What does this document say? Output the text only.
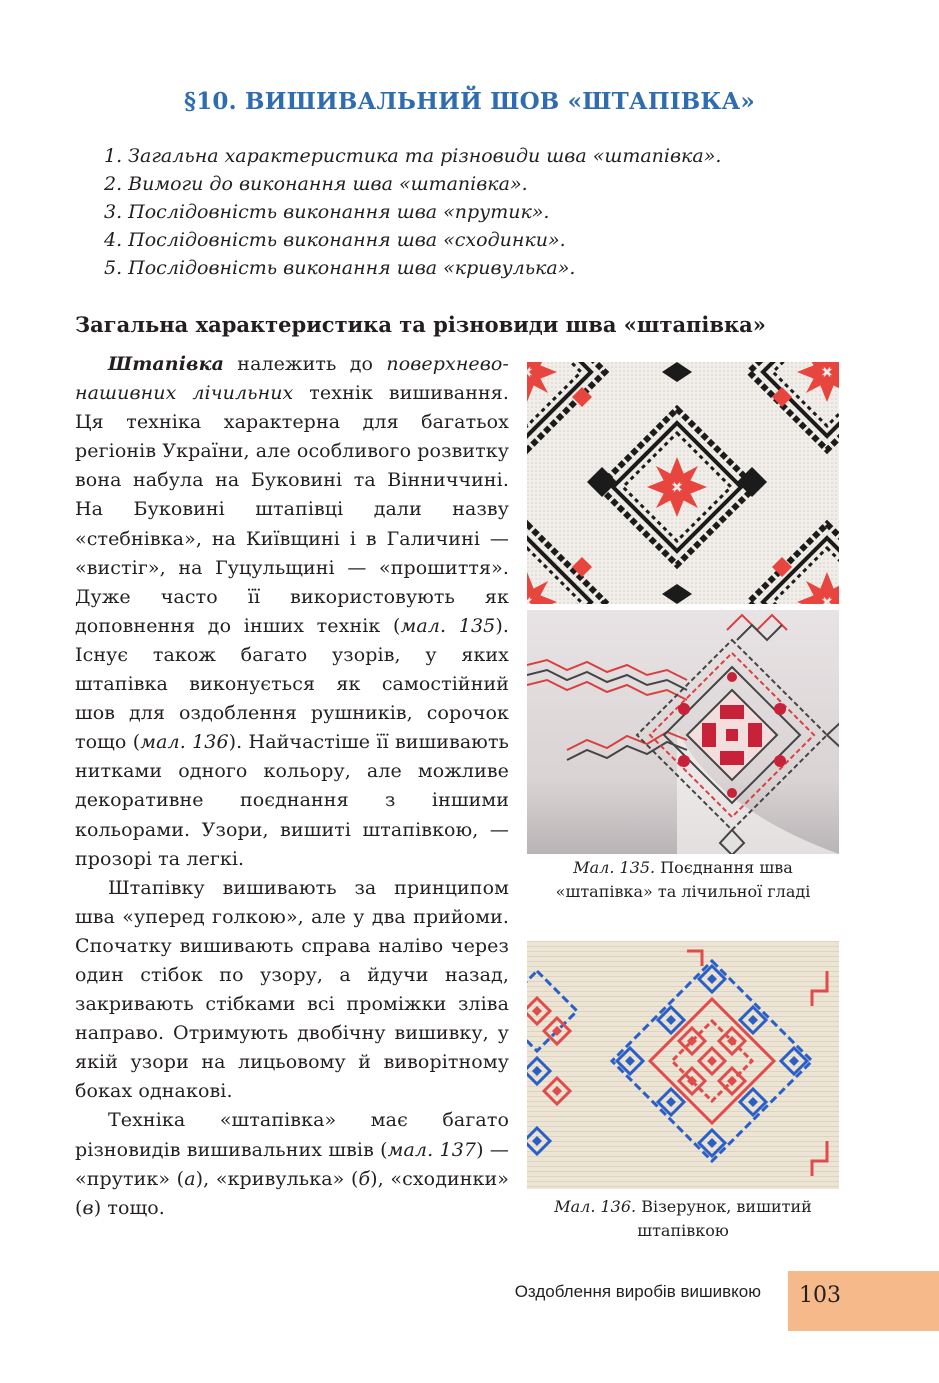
§10. ВИШИВАЛЬНИЙ ШОВ «ШТАПІВКА»
1. Загальна характеристика та різновиди шва «штапівка».
2. Вимоги до виконання шва «штапівка».
3. Послідовність виконання шва «прутик».
4. Послідовність виконання шва «сходинки».
5. Послідовність виконання шва «кривулька».
Загальна характеристика та різновиди шва «штапівка»

Штапівка належить до поверхнево-нашивних лічильних технік вишивання. Ця техніка характерна для багатьох регіонів України, але особливого розвитку вона набула на Буковині та Вінниччині. На Буковині штапівці дали назву «стебнівка», на Київщині і в Галичині — «вистіг», на Гуцульщині — «прошиття». Дуже часто її використовують як доповнення до інших технік (мал. 135). Існує також багато узорів, у яких штапівка виконується як самостійний шов для оздоблення рушників, сорочок тощо (мал. 136). Найчастіше її вишивають нитками одного кольору, але можливе декоративне поєднання з іншими кольорами. Узори, вишиті штапівкою, — прозорі та легкі.

Штапівку вишивають за принципом шва «уперед голкою», але у два прийоми. Спочатку вишивають справа наліво через один стібок по узору, а йдучи назад, закривають стібками всі проміжки зліва направо. Отримують двобічну вишивку, у якій узори на лицьовому й виворітному боках однакові.

Техніка «штапівка» має багато різновидів вишивальних швів (мал. 137) — «прутик» (а), «кривулька» (б), «сходинки» (в) тощо.

Мал. 135. Поєднання шва «штапівка» та лічильної гладі
Мал. 136. Візерунок, вишитий штапівкою
Оздоблення виробів вишивкою	103
